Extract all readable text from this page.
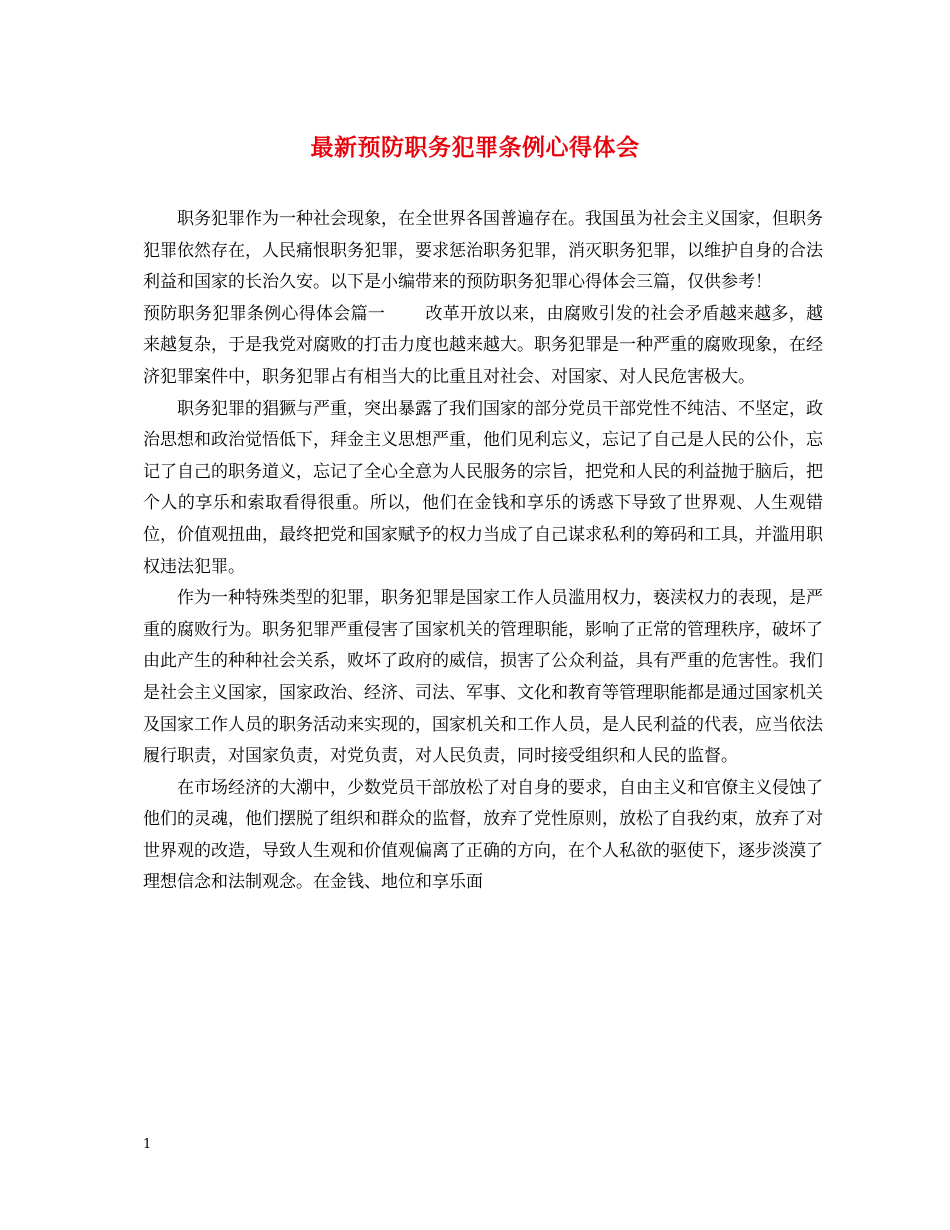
最新预防职务犯罪条例心得体会

职务犯罪作为一种社会现象，在全世界各国普遍存在。我国虽为社会主义国家，但职务犯罪依然存在，人民痛恨职务犯罪，要求惩治职务犯罪，消灭职务犯罪，以维护自身的合法利益和国家的长治久安。以下是小编带来的预防职务犯罪心得体会三篇，仅供参考！

预防职务犯罪条例心得体会篇一 改革开放以来，由腐败引发的社会矛盾越来越多，越来越复杂，于是我党对腐败的打击力度也越来越大。职务犯罪是一种严重的腐败现象，在经济犯罪案件中，职务犯罪占有相当大的比重且对社会、对国家、对人民危害极大。

职务犯罪的猖獗与严重，突出暴露了我们国家的部分党员干部党性不纯洁、不坚定，政治思想和政治觉悟低下，拜金主义思想严重，他们见利忘义，忘记了自己是人民的公仆，忘记了自己的职务道义，忘记了全心全意为人民服务的宗旨，把党和人民的利益抛于脑后，把个人的享乐和索取看得很重。所以，他们在金钱和享乐的诱惑下导致了世界观、人生观错位，价值观扭曲，最终把党和国家赋予的权力当成了自己谋求私利的筹码和工具，并滥用职权违法犯罪。

作为一种特殊类型的犯罪，职务犯罪是国家工作人员滥用权力，亵渎权力的表现，是严重的腐败行为。职务犯罪严重侵害了国家机关的管理职能，影响了正常的管理秩序，破坏了由此产生的种种社会关系，败坏了政府的威信，损害了公众利益，具有严重的危害性。我们是社会主义国家，国家政治、经济、司法、军事、文化和教育等管理职能都是通过国家机关及国家工作人员的职务活动来实现的，国家机关和工作人员，是人民利益的代表，应当依法履行职责，对国家负责，对党负责，对人民负责，同时接受组织和人民的监督。

在市场经济的大潮中，少数党员干部放松了对自身的要求，自由主义和官僚主义侵蚀了他们的灵魂，他们摆脱了组织和群众的监督，放弃了党性原则，放松了自我约束，放弃了对世界观的改造，导致人生观和价值观偏离了正确的方向，在个人私欲的驱使下，逐步淡漠了理想信念和法制观念。在金钱、地位和享乐面

1
